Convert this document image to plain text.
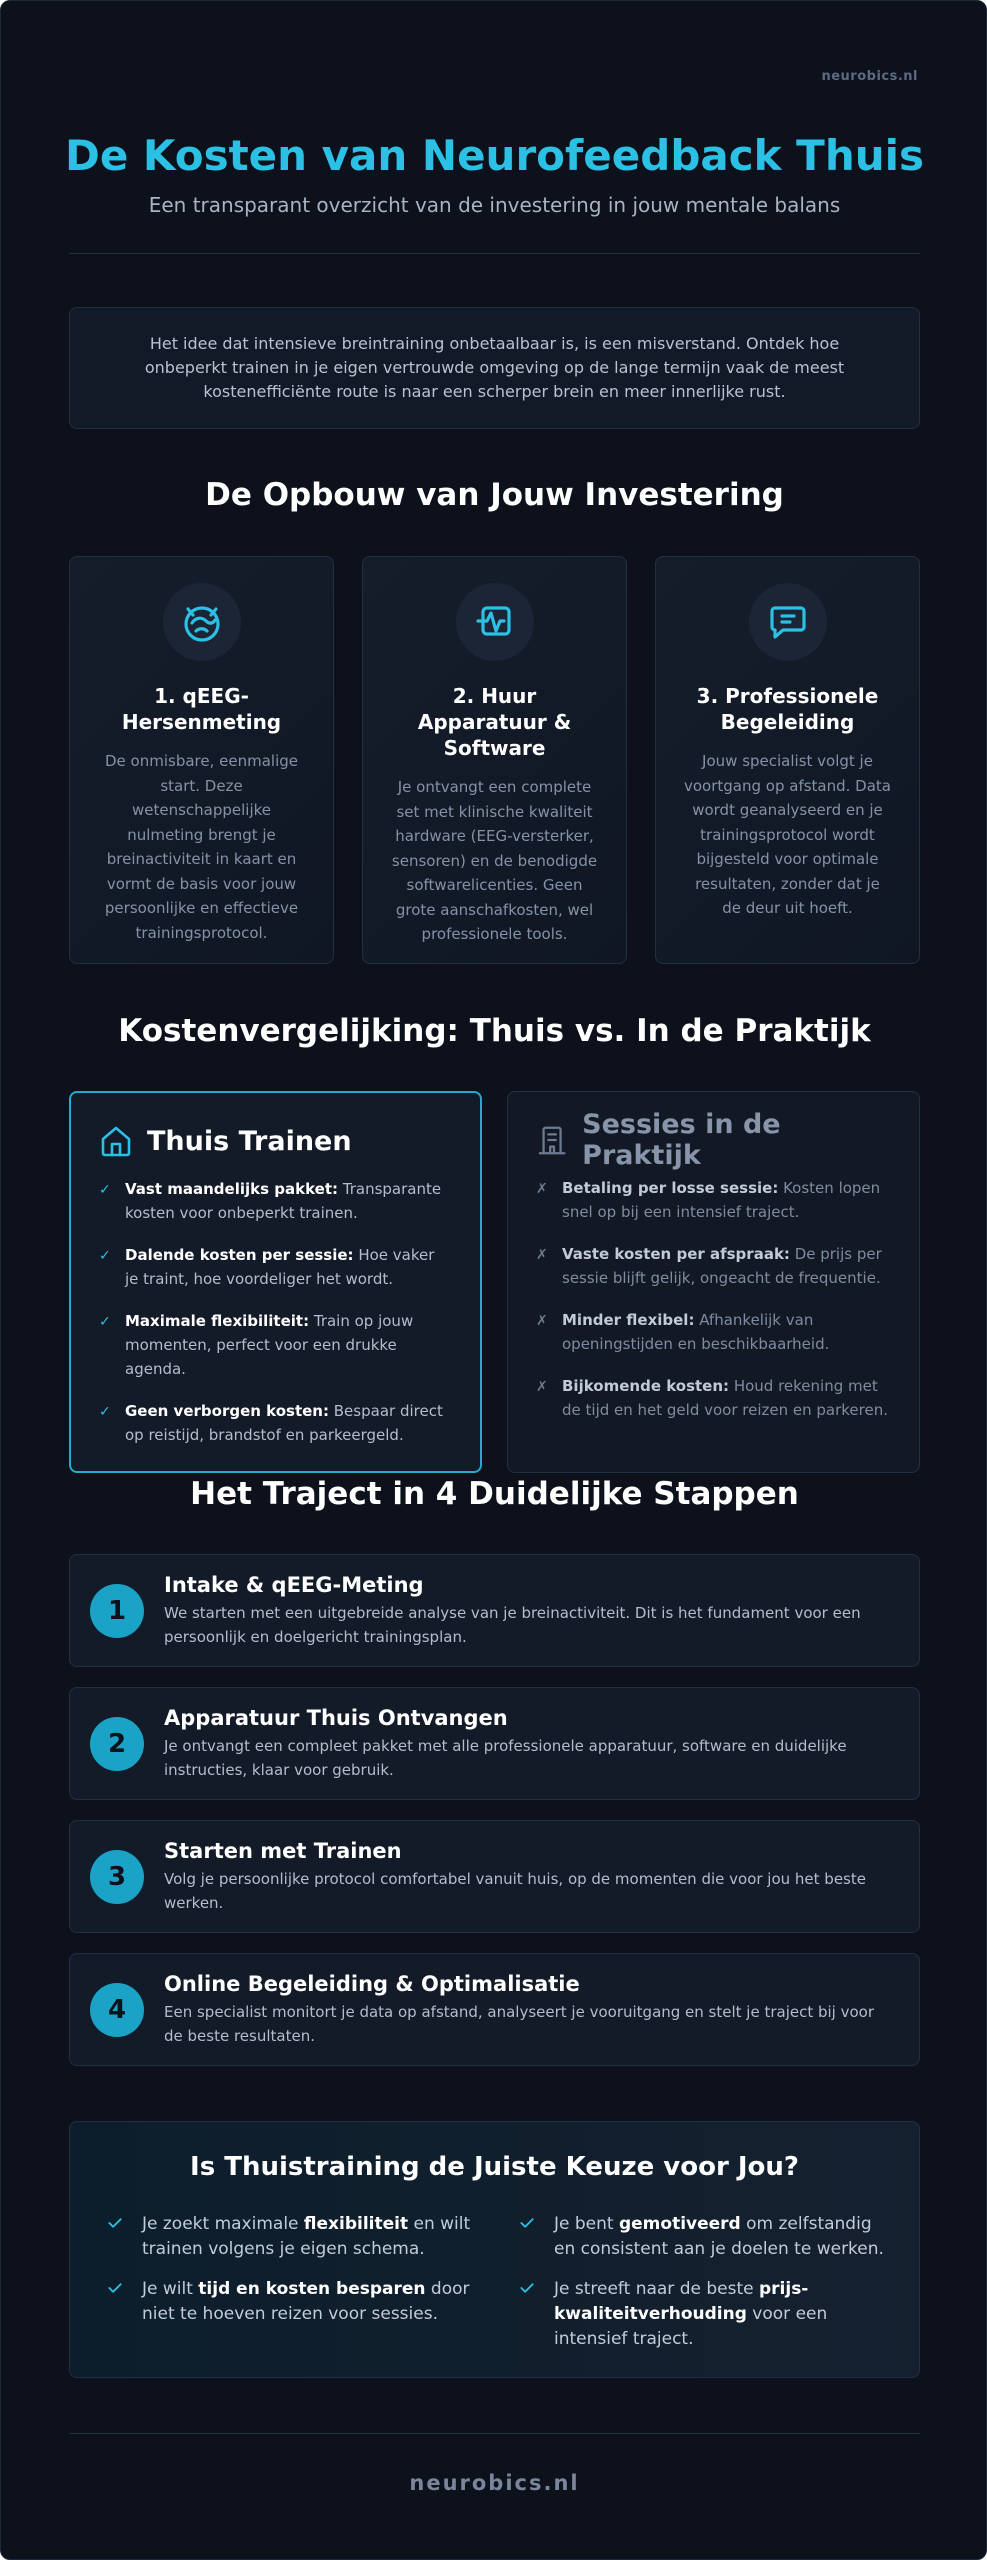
neurobics.nl
De Kosten van Neurofeedback Thuis
Een transparant overzicht van de investering in jouw mentale balans

Het idee dat intensieve breintraining onbetaalbaar is, is een misverstand. Ontdek hoe onbeperkt trainen in je eigen vertrouwde omgeving op de lange termijn vaak de meest kostenefficiënte route is naar een scherper brein en meer innerlijke rust.

De Opbouw van Jouw Investering
1. qEEG-Hersenmeting
De onmisbare, eenmalige start. Deze wetenschappelijke nulmeting brengt je breinactiviteit in kaart en vormt de basis voor jouw persoonlijke en effectieve trainingsprotocol.
2. Huur Apparatuur & Software
Je ontvangt een complete set met klinische kwaliteit hardware (EEG-versterker, sensoren) en de benodigde softwarelicenties. Geen grote aanschafkosten, wel professionele tools.
3. Professionele Begeleiding
Jouw specialist volgt je voortgang op afstand. Data wordt geanalyseerd en je trainingsprotocol wordt bijgesteld voor optimale resultaten, zonder dat je de deur uit hoeft.
Kostenvergelijking: Thuis vs. In de Praktijk
Thuis Trainen
✓ Vast maandelijks pakket: Transparante kosten voor onbeperkt trainen.
✓ Dalende kosten per sessie: Hoe vaker je traint, hoe voordeliger het wordt.
✓ Maximale flexibiliteit: Train op jouw momenten, perfect voor een drukke agenda.
✓ Geen verborgen kosten: Bespaar direct op reistijd, brandstof en parkeergeld.
Sessies in de Praktijk
✗ Betaling per losse sessie: Kosten lopen snel op bij een intensief traject.
✗ Vaste kosten per afspraak: De prijs per sessie blijft gelijk, ongeacht de frequentie.
✗ Minder flexibel: Afhankelijk van openingstijden en beschikbaarheid.
✗ Bijkomende kosten: Houd rekening met de tijd en het geld voor reizen en parkeren.
Het Traject in 4 Duidelijke Stappen
1
Intake & qEEG-Meting
We starten met een uitgebreide analyse van je breinactiviteit. Dit is het fundament voor een persoonlijk en doelgericht trainingsplan.
2
Apparatuur Thuis Ontvangen
Je ontvangt een compleet pakket met alle professionele apparatuur, software en duidelijke instructies, klaar voor gebruik.
3
Starten met Trainen
Volg je persoonlijke protocol comfortabel vanuit huis, op de momenten die voor jou het beste werken.
4
Online Begeleiding & Optimalisatie
Een specialist monitort je data op afstand, analyseert je vooruitgang en stelt je traject bij voor de beste resultaten.
Is Thuistraining de Juiste Keuze voor Jou?
Je zoekt maximale flexibiliteit en wilt trainen volgens je eigen schema.
Je bent gemotiveerd om zelfstandig en consistent aan je doelen te werken.
Je wilt tijd en kosten besparen door niet te hoeven reizen voor sessies.
Je streeft naar de beste prijs-kwaliteitverhouding voor een intensief traject.
neurobics.nl
